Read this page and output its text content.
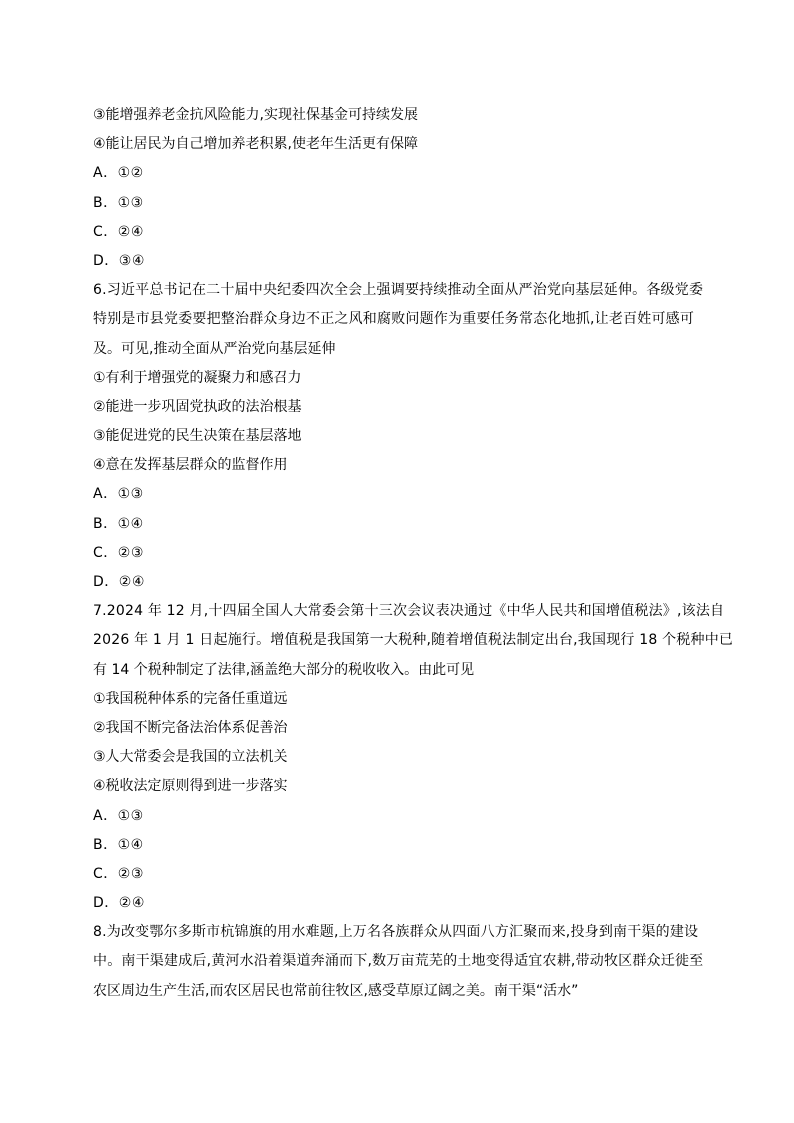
③能增强养老金抗风险能力,实现社保基金可持续发展
④能让居民为自己增加养老积累,使老年生活更有保障
A．①②
B．①③
C．②④
D．③④
6.习近平总书记在二十届中央纪委四次全会上强调要持续推动全面从严治党向基层延伸。各级党委
特别是市县党委要把整治群众身边不正之风和腐败问题作为重要任务常态化地抓,让老百姓可感可
及。可见,推动全面从严治党向基层延伸
①有利于增强党的凝聚力和感召力
②能进一步巩固党执政的法治根基
③能促进党的民生决策在基层落地
④意在发挥基层群众的监督作用
A．①③
B．①④
C．②③
D．②④
7.2024 年 12 月,十四届全国人大常委会第十三次会议表决通过《中华人民共和国增值税法》,该法自
2026 年 1 月 1 日起施行。增值税是我国第一大税种,随着增值税法制定出台,我国现行 18 个税种中已
有 14 个税种制定了法律,涵盖绝大部分的税收收入。由此可见
①我国税种体系的完备任重道远
②我国不断完备法治体系促善治
③人大常委会是我国的立法机关
④税收法定原则得到进一步落实
A．①③
B．①④
C．②③
D．②④
8.为改变鄂尔多斯市杭锦旗的用水难题,上万名各族群众从四面八方汇聚而来,投身到南干渠的建设
中。南干渠建成后,黄河水沿着渠道奔涌而下,数万亩荒芜的土地变得适宜农耕,带动牧区群众迁徙至
农区周边生产生活,而农区居民也常前往牧区,感受草原辽阔之美。南干渠“活水”
